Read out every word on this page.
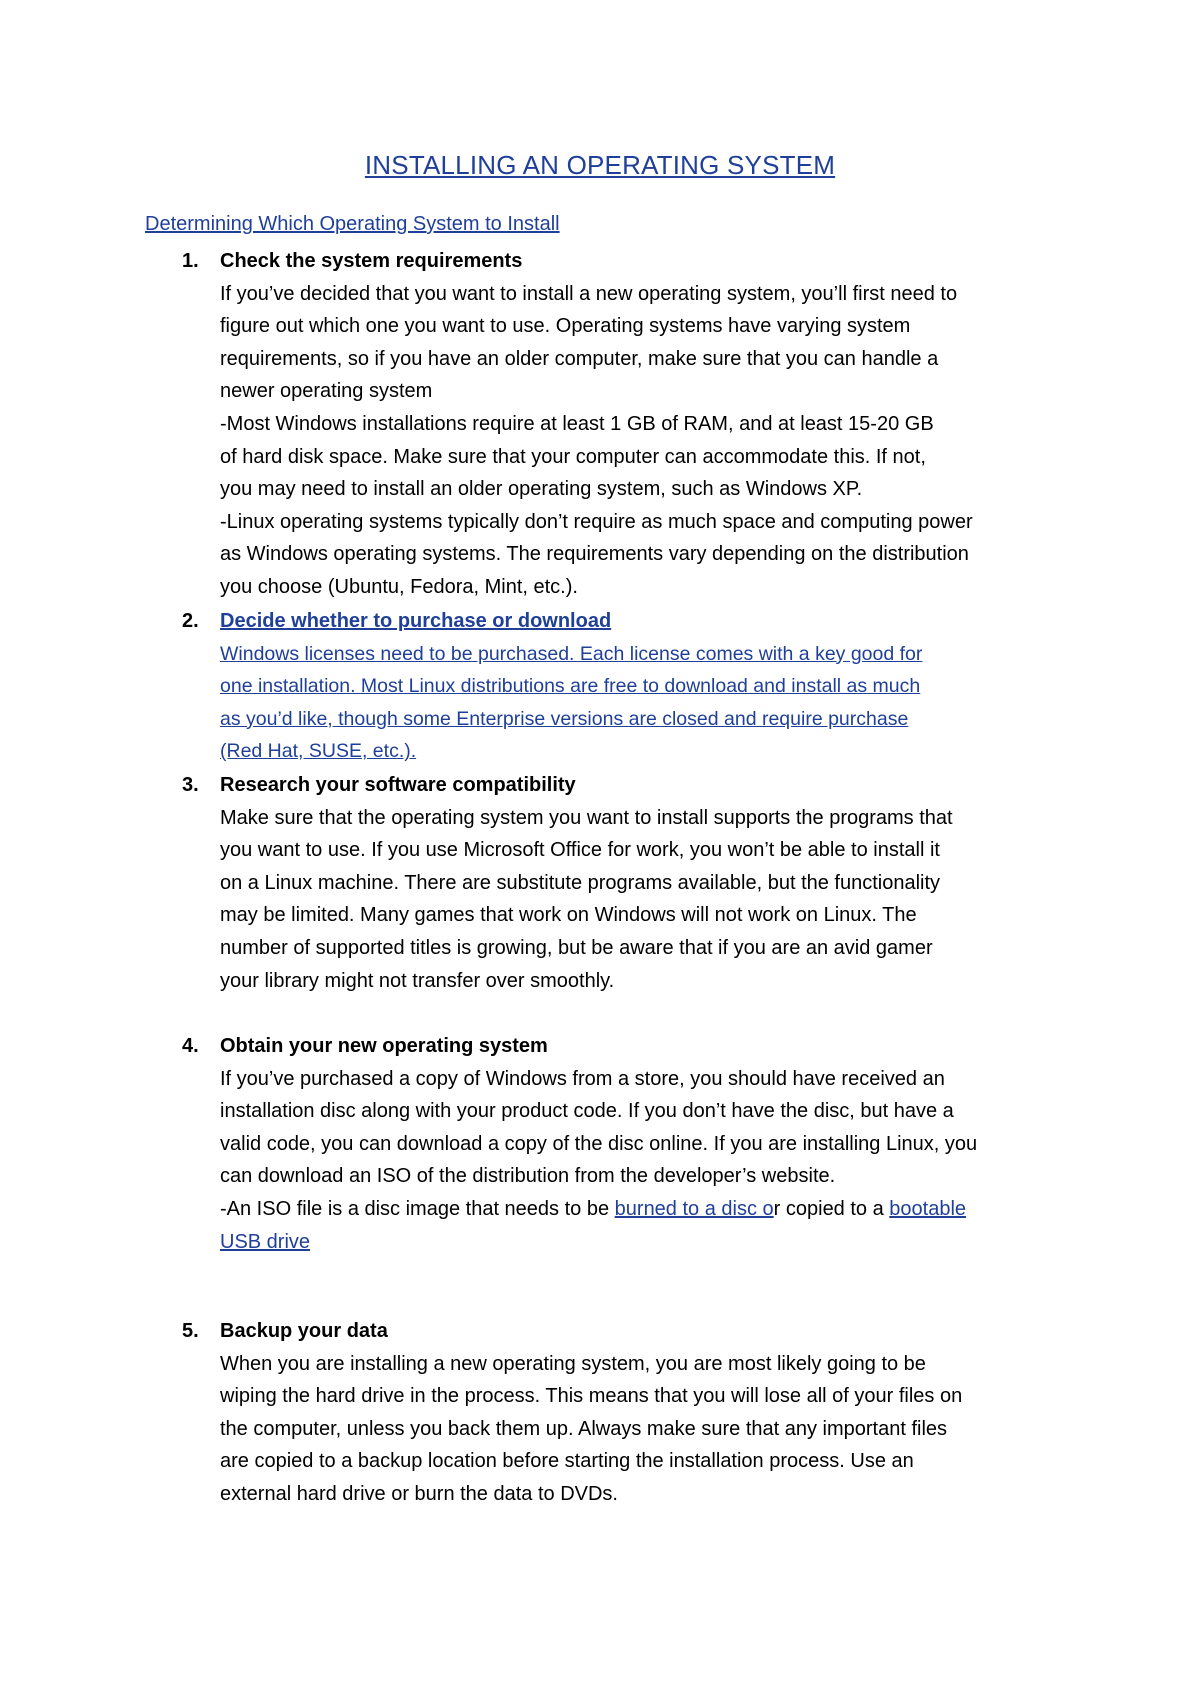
INSTALLING AN OPERATING SYSTEM
Determining Which Operating System to Install
1.	Check the system requirements
If you’ve decided that you want to install a new operating system, you’ll first need to
figure out which one you want to use. Operating systems have varying system
requirements, so if you have an older computer, make sure that you can handle a
newer operating system
-Most Windows installations require at least 1 GB of RAM, and at least 15-20 GB
of hard disk space. Make sure that your computer can accommodate this. If not,
you may need to install an older operating system, such as Windows XP.
-Linux operating systems typically don’t require as much space and computing power
as Windows operating systems. The requirements vary depending on the distribution
you choose (Ubuntu, Fedora, Mint, etc.).
2.	Decide whether to purchase or download
Windows licenses need to be purchased. Each license comes with a key good for
one installation. Most Linux distributions are free to download and install as much
as you’d like, though some Enterprise versions are closed and require purchase
(Red Hat, SUSE, etc.).
3.	Research your software compatibility
Make sure that the operating system you want to install supports the programs that
you want to use. If you use Microsoft Office for work, you won’t be able to install it
on a Linux machine. There are substitute programs available, but the functionality
may be limited. Many games that work on Windows will not work on Linux. The
number of supported titles is growing, but be aware that if you are an avid gamer
your library might not transfer over smoothly.
4.	Obtain your new operating system
If you’ve purchased a copy of Windows from a store, you should have received an
installation disc along with your product code. If you don’t have the disc, but have a
valid code, you can download a copy of the disc online. If you are installing Linux, you
can download an ISO of the distribution from the developer’s website.
-An ISO file is a disc image that needs to be burned to a disc or copied to a bootable
USB drive
5.	Backup your data
When you are installing a new operating system, you are most likely going to be
wiping the hard drive in the process. This means that you will lose all of your files on
the computer, unless you back them up. Always make sure that any important files
are copied to a backup location before starting the installation process. Use an
external hard drive or burn the data to DVDs.
